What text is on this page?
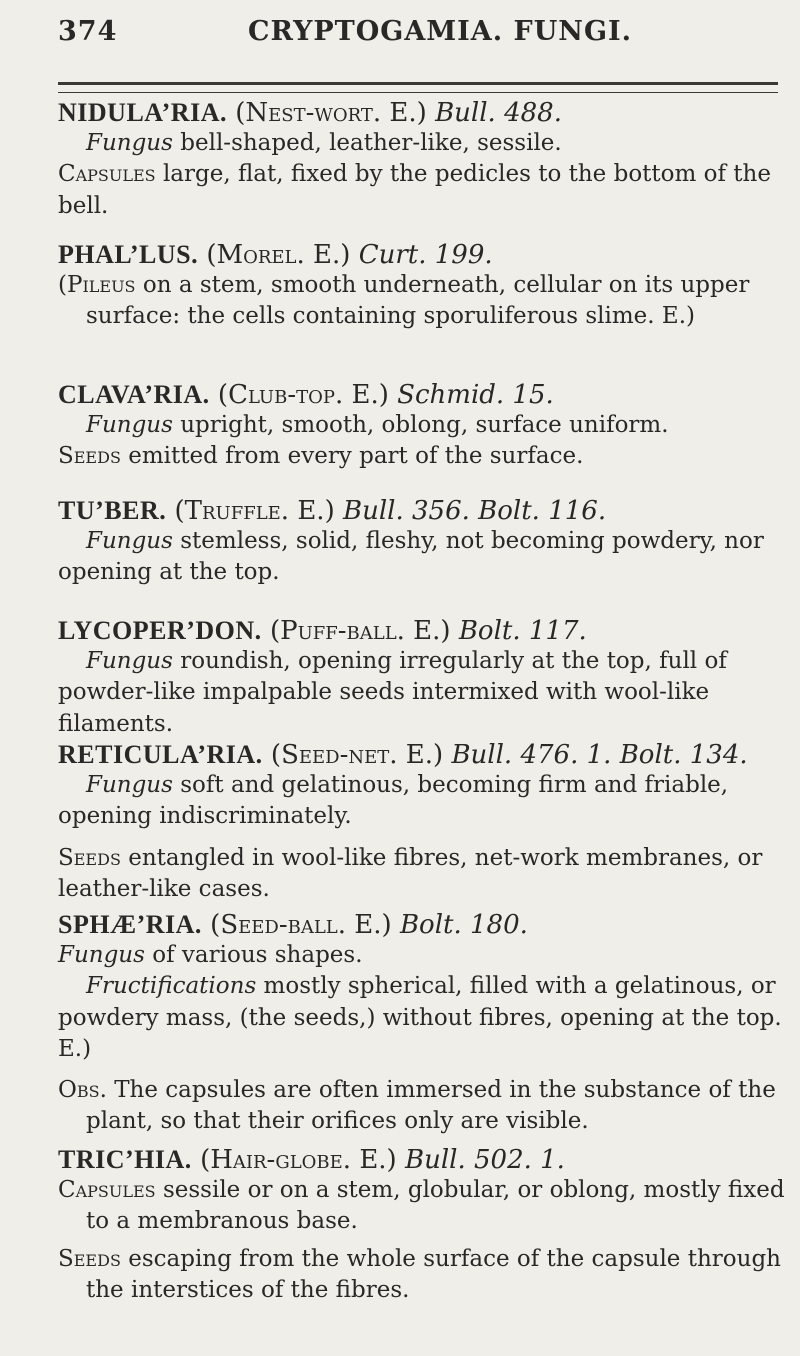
374	CRYPTOGAMIA. FUNGI.
NIDULA’RIA. (Nest-wort. E.) Bull. 488.

Fungus bell-shaped, leather-like, sessile.

Capsules large, flat, fixed by the pedicles to the bottom of the bell.

PHAL’LUS. (Morel. E.) Curt. 199.

(Pileus on a stem, smooth underneath, cellular on its upper surface: the cells containing sporuliferous slime. E.)

CLAVA’RIA. (Club-top. E.) Schmid. 15.

Fungus upright, smooth, oblong, surface uniform.

Seeds emitted from every part of the surface.

TU’BER. (Truffle. E.) Bull. 356. Bolt. 116.

Fungus stemless, solid, fleshy, not becoming powdery, nor opening at the top.

LYCOPER’DON. (Puff-ball. E.) Bolt. 117.

Fungus roundish, opening irregularly at the top, full of powder-like impalpable seeds intermixed with wool-like filaments.

RETICULA’RIA. (Seed-net. E.) Bull. 476. 1. Bolt. 134.

Fungus soft and gelatinous, becoming firm and friable, opening indiscriminately.

Seeds entangled in wool-like fibres, net-work membranes, or leather-like cases.

SPHÆ’RIA. (Seed-ball. E.) Bolt. 180.

Fungus of various shapes.

Fructifications mostly spherical, filled with a gelatinous, or powdery mass, (the seeds,) without fibres, opening at the top. E.)

Obs. The capsules are often immersed in the substance of the plant, so that their orifices only are visible.

TRIC’HIA. (Hair-globe. E.) Bull. 502. 1.

Capsules sessile or on a stem, globular, or oblong, mostly fixed to a membranous base.

Seeds escaping from the whole surface of the capsule through the interstices of the fibres.
